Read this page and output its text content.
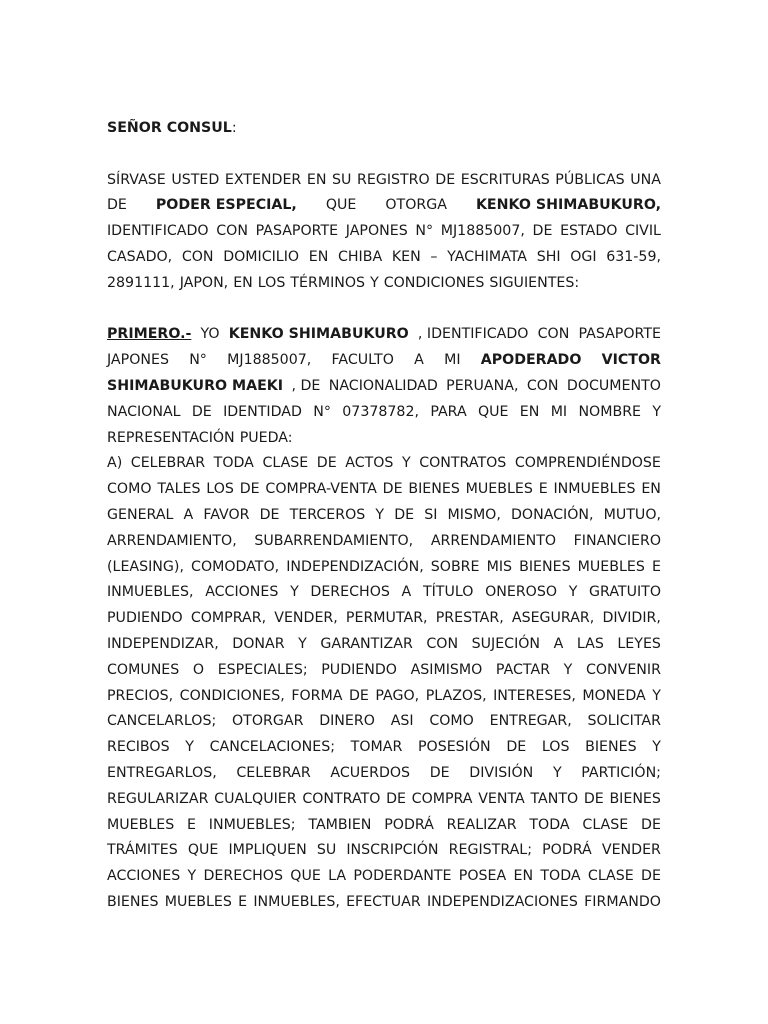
SEÑOR CONSUL :
SÍRVASE USTED EXTENDER EN SU REGISTRO DE ESCRITURAS PÚBLICAS UNA
DE PODER ESPECIAL, QUE OTORGA KENKO SHIMABUKURO,
IDENTIFICADO CON PASAPORTE JAPONES N° MJ1885007, DE ESTADO CIVIL
CASADO, CON DOMICILIO EN CHIBA KEN – YACHIMATA SHI OGI 631-59,
2891111, JAPON, EN LOS TÉRMINOS Y CONDICIONES SIGUIENTES:
PRIMERO.- YO KENKO SHIMABUKURO , IDENTIFICADO CON PASAPORTE
JAPONES N° MJ1885007, FACULTO A MI APODERADO VICTOR
SHIMABUKURO MAEKI , DE NACIONALIDAD PERUANA, CON DOCUMENTO
NACIONAL DE IDENTIDAD N° 07378782, PARA QUE EN MI NOMBRE Y
REPRESENTACIÓN PUEDA:
A) CELEBRAR TODA CLASE DE ACTOS Y CONTRATOS COMPRENDIÉNDOSE
COMO TALES LOS DE COMPRA-VENTA DE BIENES MUEBLES E INMUEBLES EN
GENERAL A FAVOR DE TERCEROS Y DE SI MISMO, DONACIÓN, MUTUO,
ARRENDAMIENTO, SUBARRENDAMIENTO, ARRENDAMIENTO FINANCIERO
(LEASING), COMODATO, INDEPENDIZACIÓN, SOBRE MIS BIENES MUEBLES E
INMUEBLES, ACCIONES Y DERECHOS A TÍTULO ONEROSO Y GRATUITO
PUDIENDO COMPRAR, VENDER, PERMUTAR, PRESTAR, ASEGURAR, DIVIDIR,
INDEPENDIZAR, DONAR Y GARANTIZAR CON SUJECIÓN A LAS LEYES
COMUNES O ESPECIALES; PUDIENDO ASIMISMO PACTAR Y CONVENIR
PRECIOS, CONDICIONES, FORMA DE PAGO, PLAZOS, INTERESES, MONEDA Y
CANCELARLOS; OTORGAR DINERO ASI COMO ENTREGAR, SOLICITAR
RECIBOS Y CANCELACIONES; TOMAR POSESIÓN DE LOS BIENES Y
ENTREGARLOS, CELEBRAR ACUERDOS DE DIVISIÓN Y PARTICIÓN;
REGULARIZAR CUALQUIER CONTRATO DE COMPRA VENTA TANTO DE BIENES
MUEBLES E INMUEBLES; TAMBIEN PODRÁ REALIZAR TODA CLASE DE
TRÁMITES QUE IMPLIQUEN SU INSCRIPCIÓN REGISTRAL; PODRÁ VENDER
ACCIONES Y DERECHOS QUE LA PODERDANTE POSEA EN TODA CLASE DE
BIENES MUEBLES E INMUEBLES, EFECTUAR INDEPENDIZACIONES FIRMANDO
